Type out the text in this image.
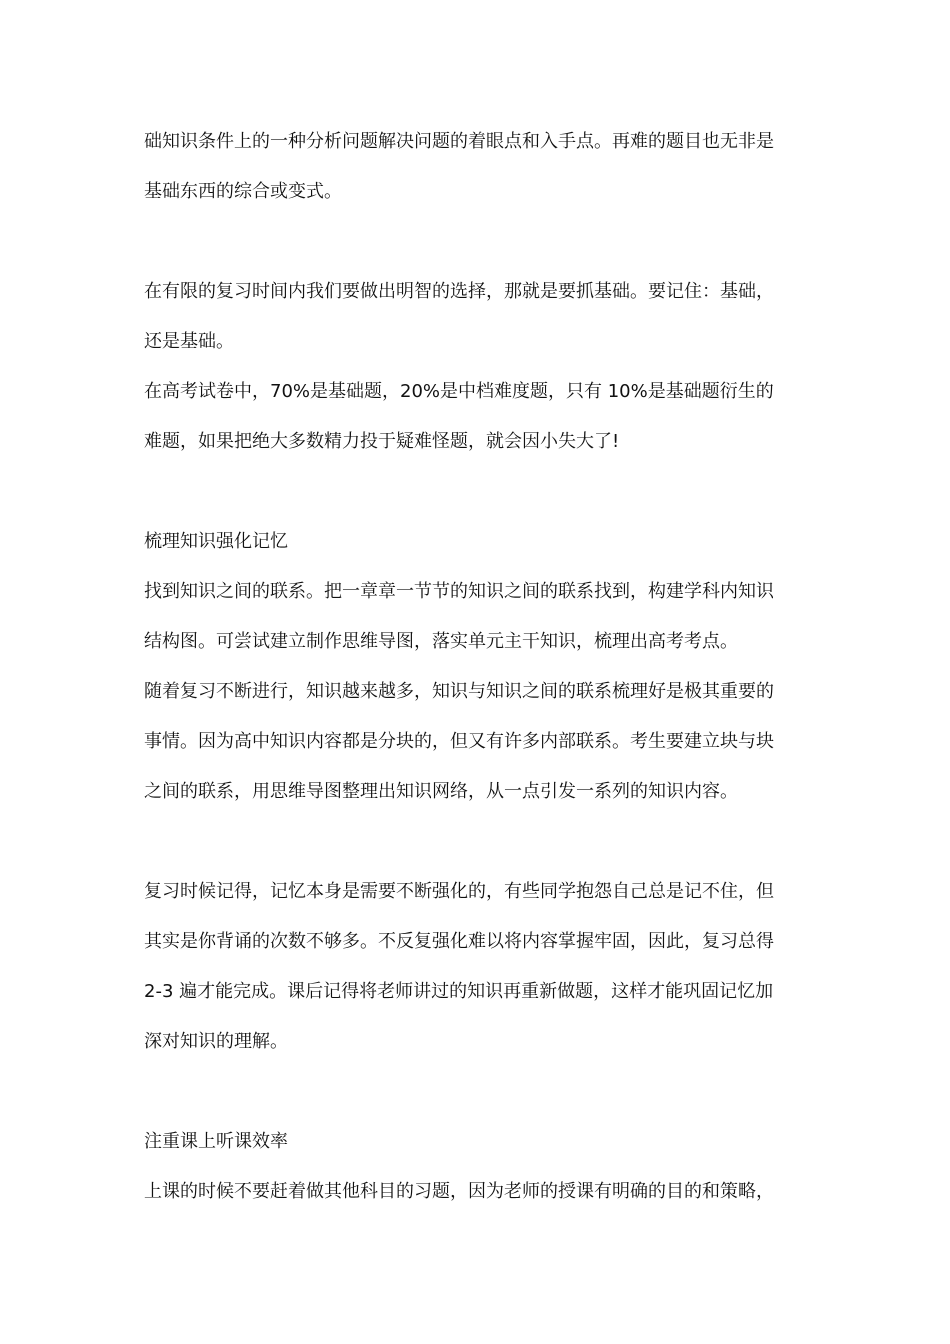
础知识条件上的一种分析问题解决问题的着眼点和入手点。再难的题目也无非是

基础东西的综合或变式。

在有限的复习时间内我们要做出明智的选择，那就是要抓基础。要记住：基础，

还是基础。

在高考试卷中，70%是基础题，20%是中档难度题，只有 10%是基础题衍生的

难题，如果把绝大多数精力投于疑难怪题，就会因小失大了!

梳理知识强化记忆

找到知识之间的联系。把一章章一节节的知识之间的联系找到，构建学科内知识

结构图。可尝试建立制作思维导图，落实单元主干知识，梳理出高考考点。

随着复习不断进行，知识越来越多，知识与知识之间的联系梳理好是极其重要的

事情。因为高中知识内容都是分块的，但又有许多内部联系。考生要建立块与块

之间的联系，用思维导图整理出知识网络，从一点引发一系列的知识内容。

复习时候记得，记忆本身是需要不断强化的，有些同学抱怨自己总是记不住，但

其实是你背诵的次数不够多。不反复强化难以将内容掌握牢固，因此，复习总得

2-3 遍才能完成。课后记得将老师讲过的知识再重新做题，这样才能巩固记忆加

深对知识的理解。

注重课上听课效率

上课的时候不要赶着做其他科目的习题，因为老师的授课有明确的目的和策略，
